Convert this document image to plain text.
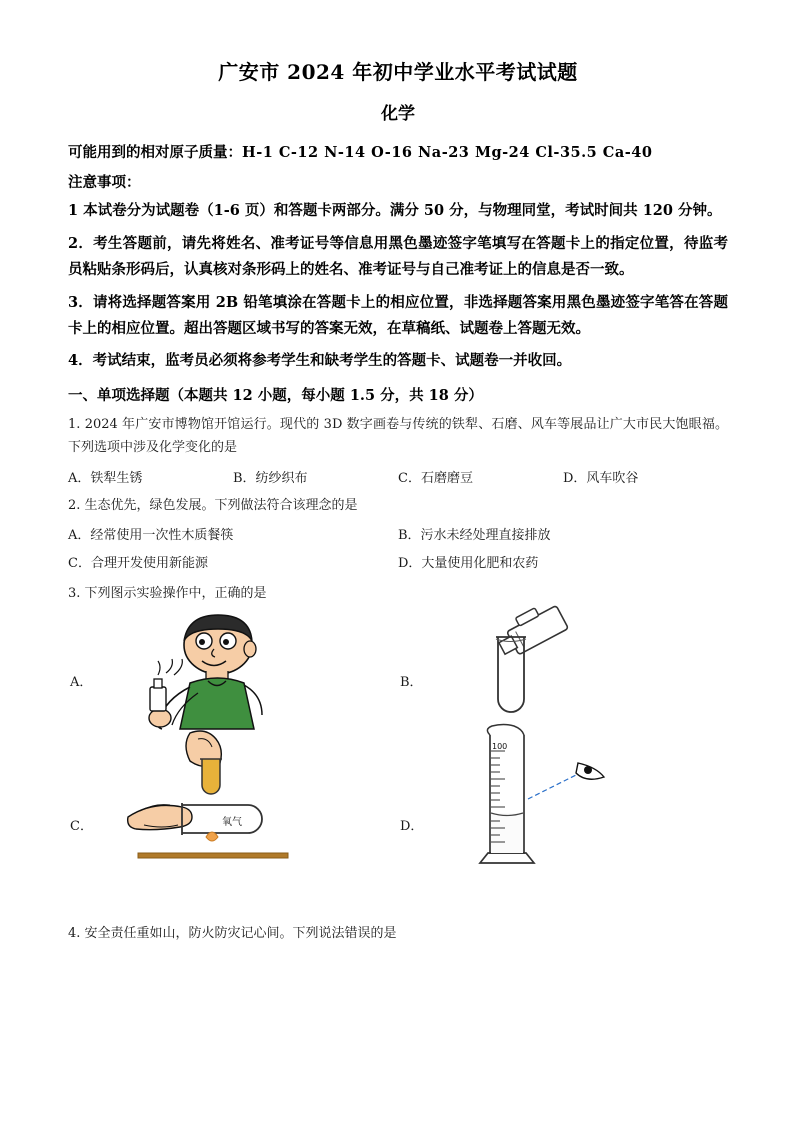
广安市 2024 年初中学业水平考试试题
化学
可能用到的相对原子质量：H-1 C-12 N-14 O-16 Na-23 Mg-24 Cl-35.5 Ca-40
注意事项：
1 本试卷分为试题卷（1-6 页）和答题卡两部分。满分 50 分，与物理同堂，考试时间共 120 分钟。
2．考生答题前，请先将姓名、准考证号等信息用黑色墨迹签字笔填写在答题卡上的指定位置，待监考员粘贴条形码后，认真核对条形码上的姓名、准考证号与自己准考证上的信息是否一致。
3．请将选择题答案用 2B 铅笔填涂在答题卡上的相应位置，非选择题答案用黑色墨迹签字笔答在答题卡上的相应位置。超出答题区域书写的答案无效，在草稿纸、试题卷上答题无效。
4．考试结束，监考员必须将参考学生和缺考学生的答题卡、试题卷一并收回。
一、单项选择题（本题共 12 小题，每小题 1.5 分，共 18 分）
1. 2024 年广安市博物馆开馆运行。现代的 3D 数字画卷与传统的铁犁、石磨、风车等展品让广大市民大饱眼福。下列选项中涉及化学变化的是
A．铁犁生锈	B．纺纱织布	C．石磨磨豆	D．风车吹谷
2. 生态优先，绿色发展。下列做法符合该理念的是
A．经常使用一次性木质餐筷	B．污水未经处理直接排放
C．合理开发使用新能源	D．大量使用化肥和农药
3. 下列图示实验操作中，正确的是
A．	B．
C．	氧气	D．
100
4. 安全责任重如山，防火防灾记心间。下列说法错误的是
